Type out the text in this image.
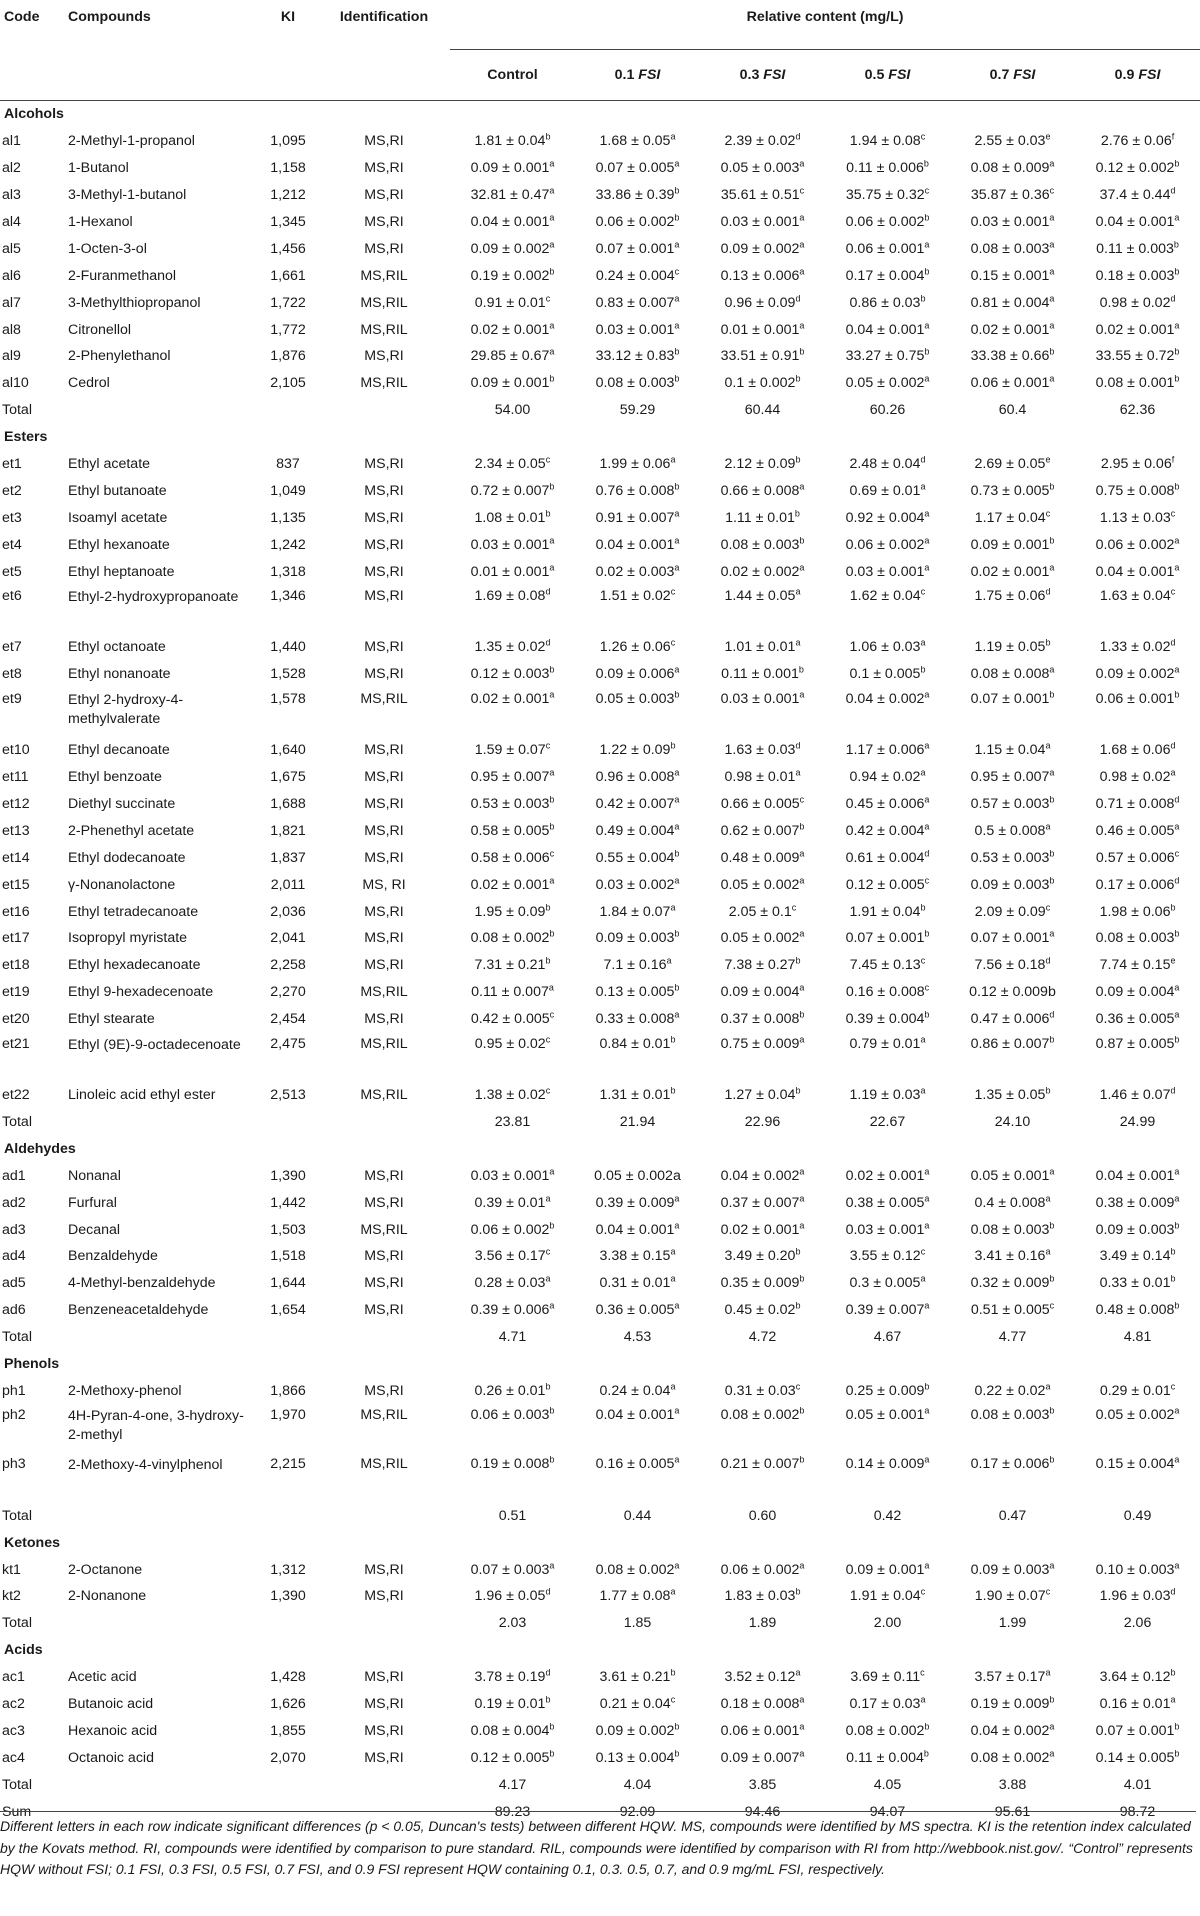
Code	Compounds	KI	Identification	Relative content (mg/L)					
				Control	0.1 FSI	0.3 FSI	0.5 FSI	0.7 FSI	0.9 FSI
Alcohols									
al1	2-Methyl-1-propanol	1,095	MS,RI	1.81 ± 0.04$^b$	1.68 ± 0.05$^a$	2.39 ± 0.02$^d$	1.94 ± 0.08$^c$	2.55 ± 0.03$^e$	2.76 ± 0.06$^f$
al2	1-Butanol	1,158	MS,RI	0.09 ± 0.001$^a$	0.07 ± 0.005$^a$	0.05 ± 0.003$^a$	0.11 ± 0.006$^b$	0.08 ± 0.009$^a$	0.12 ± 0.002$^b$
al3	3-Methyl-1-butanol	1,212	MS,RI	32.81 ± 0.47$^a$	33.86 ± 0.39$^b$	35.61 ± 0.51$^c$	35.75 ± 0.32$^c$	35.87 ± 0.36$^c$	37.4 ± 0.44$^d$
al4	1-Hexanol	1,345	MS,RI	0.04 ± 0.001$^a$	0.06 ± 0.002$^b$	0.03 ± 0.001$^a$	0.06 ± 0.002$^b$	0.03 ± 0.001$^a$	0.04 ± 0.001$^a$
al5	1-Octen-3-ol	1,456	MS,RI	0.09 ± 0.002$^a$	0.07 ± 0.001$^a$	0.09 ± 0.002$^a$	0.06 ± 0.001$^a$	0.08 ± 0.003$^a$	0.11 ± 0.003$^b$
al6	2-Furanmethanol	1,661	MS,RIL	0.19 ± 0.002$^b$	0.24 ± 0.004$^c$	0.13 ± 0.006$^a$	0.17 ± 0.004$^b$	0.15 ± 0.001$^a$	0.18 ± 0.003$^b$
al7	3-Methylthiopropanol	1,722	MS,RIL	0.91 ± 0.01$^c$	0.83 ± 0.007$^a$	0.96 ± 0.09$^d$	0.86 ± 0.03$^b$	0.81 ± 0.004$^a$	0.98 ± 0.02$^d$
al8	Citronellol	1,772	MS,RIL	0.02 ± 0.001$^a$	0.03 ± 0.001$^a$	0.01 ± 0.001$^a$	0.04 ± 0.001$^a$	0.02 ± 0.001$^a$	0.02 ± 0.001$^a$
al9	2-Phenylethanol	1,876	MS,RI	29.85 ± 0.67$^a$	33.12 ± 0.83$^b$	33.51 ± 0.91$^b$	33.27 ± 0.75$^b$	33.38 ± 0.66$^b$	33.55 ± 0.72$^b$
al10	Cedrol	2,105	MS,RIL	0.09 ± 0.001$^b$	0.08 ± 0.003$^b$	0.1 ± 0.002$^b$	0.05 ± 0.002$^a$	0.06 ± 0.001$^a$	0.08 ± 0.001$^b$
Total				54.00	59.29	60.44	60.26	60.4	62.36
Esters									
et1	Ethyl acetate	837	MS,RI	2.34 ± 0.05$^c$	1.99 ± 0.06$^a$	2.12 ± 0.09$^b$	2.48 ± 0.04$^d$	2.69 ± 0.05$^e$	2.95 ± 0.06$^f$
et2	Ethyl butanoate	1,049	MS,RI	0.72 ± 0.007$^b$	0.76 ± 0.008$^b$	0.66 ± 0.008$^a$	0.69 ± 0.01$^a$	0.73 ± 0.005$^b$	0.75 ± 0.008$^b$
et3	Isoamyl acetate	1,135	MS,RI	1.08 ± 0.01$^b$	0.91 ± 0.007$^a$	1.11 ± 0.01$^b$	0.92 ± 0.004$^a$	1.17 ± 0.04$^c$	1.13 ± 0.03$^c$
et4	Ethyl hexanoate	1,242	MS,RI	0.03 ± 0.001$^a$	0.04 ± 0.001$^a$	0.08 ± 0.003$^b$	0.06 ± 0.002$^a$	0.09 ± 0.001$^b$	0.06 ± 0.002$^a$
et5	Ethyl heptanoate	1,318	MS,RI	0.01 ± 0.001$^a$	0.02 ± 0.003$^a$	0.02 ± 0.002$^a$	0.03 ± 0.001$^a$	0.02 ± 0.001$^a$	0.04 ± 0.001$^a$
et6	Ethyl-2-hydroxypropanoate	1,346	MS,RI	1.69 ± 0.08$^d$	1.51 ± 0.02$^c$	1.44 ± 0.05$^a$	1.62 ± 0.04$^c$	1.75 ± 0.06$^d$	1.63 ± 0.04$^c$
et7	Ethyl octanoate	1,440	MS,RI	1.35 ± 0.02$^d$	1.26 ± 0.06$^c$	1.01 ± 0.01$^a$	1.06 ± 0.03$^a$	1.19 ± 0.05$^b$	1.33 ± 0.02$^d$
et8	Ethyl nonanoate	1,528	MS,RI	0.12 ± 0.003$^b$	0.09 ± 0.006$^a$	0.11 ± 0.001$^b$	0.1 ± 0.005$^b$	0.08 ± 0.008$^a$	0.09 ± 0.002$^a$
et9	Ethyl 2-hydroxy-4-methylvalerate	1,578	MS,RIL	0.02 ± 0.001$^a$	0.05 ± 0.003$^b$	0.03 ± 0.001$^a$	0.04 ± 0.002$^a$	0.07 ± 0.001$^b$	0.06 ± 0.001$^b$
et10	Ethyl decanoate	1,640	MS,RI	1.59 ± 0.07$^c$	1.22 ± 0.09$^b$	1.63 ± 0.03$^d$	1.17 ± 0.006$^a$	1.15 ± 0.04$^a$	1.68 ± 0.06$^d$
et11	Ethyl benzoate	1,675	MS,RI	0.95 ± 0.007$^a$	0.96 ± 0.008$^a$	0.98 ± 0.01$^a$	0.94 ± 0.02$^a$	0.95 ± 0.007$^a$	0.98 ± 0.02$^a$
et12	Diethyl succinate	1,688	MS,RI	0.53 ± 0.003$^b$	0.42 ± 0.007$^a$	0.66 ± 0.005$^c$	0.45 ± 0.006$^a$	0.57 ± 0.003$^b$	0.71 ± 0.008$^d$
et13	2-Phenethyl acetate	1,821	MS,RI	0.58 ± 0.005$^b$	0.49 ± 0.004$^a$	0.62 ± 0.007$^b$	0.42 ± 0.004$^a$	0.5 ± 0.008$^a$	0.46 ± 0.005$^a$
et14	Ethyl dodecanoate	1,837	MS,RI	0.58 ± 0.006$^c$	0.55 ± 0.004$^b$	0.48 ± 0.009$^a$	0.61 ± 0.004$^d$	0.53 ± 0.003$^b$	0.57 ± 0.006$^c$
et15	γ-Nonanolactone	2,011	MS, RI	0.02 ± 0.001$^a$	0.03 ± 0.002$^a$	0.05 ± 0.002$^a$	0.12 ± 0.005$^c$	0.09 ± 0.003$^b$	0.17 ± 0.006$^d$
et16	Ethyl tetradecanoate	2,036	MS,RI	1.95 ± 0.09$^b$	1.84 ± 0.07$^a$	2.05 ± 0.1$^c$	1.91 ± 0.04$^b$	2.09 ± 0.09$^c$	1.98 ± 0.06$^b$
et17	Isopropyl myristate	2,041	MS,RI	0.08 ± 0.002$^b$	0.09 ± 0.003$^b$	0.05 ± 0.002$^a$	0.07 ± 0.001$^b$	0.07 ± 0.001$^a$	0.08 ± 0.003$^b$
et18	Ethyl hexadecanoate	2,258	MS,RI	7.31 ± 0.21$^b$	7.1 ± 0.16$^a$	7.38 ± 0.27$^b$	7.45 ± 0.13$^c$	7.56 ± 0.18$^d$	7.74 ± 0.15$^e$
et19	Ethyl 9-hexadecenoate	2,270	MS,RIL	0.11 ± 0.007$^a$	0.13 ± 0.005$^b$	0.09 ± 0.004$^a$	0.16 ± 0.008$^c$	0.12 ± 0.009b	0.09 ± 0.004$^a$
et20	Ethyl stearate	2,454	MS,RI	0.42 ± 0.005$^c$	0.33 ± 0.008$^a$	0.37 ± 0.008$^b$	0.39 ± 0.004$^b$	0.47 ± 0.006$^d$	0.36 ± 0.005$^a$
et21	Ethyl (9E)-9-octadecenoate	2,475	MS,RIL	0.95 ± 0.02$^c$	0.84 ± 0.01$^b$	0.75 ± 0.009$^a$	0.79 ± 0.01$^a$	0.86 ± 0.007$^b$	0.87 ± 0.005$^b$
et22	Linoleic acid ethyl ester	2,513	MS,RIL	1.38 ± 0.02$^c$	1.31 ± 0.01$^b$	1.27 ± 0.04$^b$	1.19 ± 0.03$^a$	1.35 ± 0.05$^b$	1.46 ± 0.07$^d$
Total				23.81	21.94	22.96	22.67	24.10	24.99
Aldehydes									
ad1	Nonanal	1,390	MS,RI	0.03 ± 0.001$^a$	0.05 ± 0.002a	0.04 ± 0.002$^a$	0.02 ± 0.001$^a$	0.05 ± 0.001$^a$	0.04 ± 0.001$^a$
ad2	Furfural	1,442	MS,RI	0.39 ± 0.01$^a$	0.39 ± 0.009$^a$	0.37 ± 0.007$^a$	0.38 ± 0.005$^a$	0.4 ± 0.008$^a$	0.38 ± 0.009$^a$
ad3	Decanal	1,503	MS,RIL	0.06 ± 0.002$^b$	0.04 ± 0.001$^a$	0.02 ± 0.001$^a$	0.03 ± 0.001$^a$	0.08 ± 0.003$^b$	0.09 ± 0.003$^b$
ad4	Benzaldehyde	1,518	MS,RI	3.56 ± 0.17$^c$	3.38 ± 0.15$^a$	3.49 ± 0.20$^b$	3.55 ± 0.12$^c$	3.41 ± 0.16$^a$	3.49 ± 0.14$^b$
ad5	4-Methyl-benzaldehyde	1,644	MS,RI	0.28 ± 0.03$^a$	0.31 ± 0.01$^a$	0.35 ± 0.009$^b$	0.3 ± 0.005$^a$	0.32 ± 0.009$^b$	0.33 ± 0.01$^b$
ad6	Benzeneacetaldehyde	1,654	MS,RI	0.39 ± 0.006$^a$	0.36 ± 0.005$^a$	0.45 ± 0.02$^b$	0.39 ± 0.007$^a$	0.51 ± 0.005$^c$	0.48 ± 0.008$^b$
Total				4.71	4.53	4.72	4.67	4.77	4.81
Phenols									
ph1	2-Methoxy-phenol	1,866	MS,RI	0.26 ± 0.01$^b$	0.24 ± 0.04$^a$	0.31 ± 0.03$^c$	0.25 ± 0.009$^b$	0.22 ± 0.02$^a$	0.29 ± 0.01$^c$
ph2	4H-Pyran-4-one, 3-hydroxy-2-methyl	1,970	MS,RIL	0.06 ± 0.003$^b$	0.04 ± 0.001$^a$	0.08 ± 0.002$^b$	0.05 ± 0.001$^a$	0.08 ± 0.003$^b$	0.05 ± 0.002$^a$
ph3	2-Methoxy-4-vinylphenol	2,215	MS,RIL	0.19 ± 0.008$^b$	0.16 ± 0.005$^a$	0.21 ± 0.007$^b$	0.14 ± 0.009$^a$	0.17 ± 0.006$^b$	0.15 ± 0.004$^a$
Total				0.51	0.44	0.60	0.42	0.47	0.49
Ketones									
kt1	2-Octanone	1,312	MS,RI	0.07 ± 0.003$^a$	0.08 ± 0.002$^a$	0.06 ± 0.002$^a$	0.09 ± 0.001$^a$	0.09 ± 0.003$^a$	0.10 ± 0.003$^a$
kt2	2-Nonanone	1,390	MS,RI	1.96 ± 0.05$^d$	1.77 ± 0.08$^a$	1.83 ± 0.03$^b$	1.91 ± 0.04$^c$	1.90 ± 0.07$^c$	1.96 ± 0.03$^d$
Total				2.03	1.85	1.89	2.00	1.99	2.06
Acids									
ac1	Acetic acid	1,428	MS,RI	3.78 ± 0.19$^d$	3.61 ± 0.21$^b$	3.52 ± 0.12$^a$	3.69 ± 0.11$^c$	3.57 ± 0.17$^a$	3.64 ± 0.12$^b$
ac2	Butanoic acid	1,626	MS,RI	0.19 ± 0.01$^b$	0.21 ± 0.04$^c$	0.18 ± 0.008$^a$	0.17 ± 0.03$^a$	0.19 ± 0.009$^b$	0.16 ± 0.01$^a$
ac3	Hexanoic acid	1,855	MS,RI	0.08 ± 0.004$^b$	0.09 ± 0.002$^b$	0.06 ± 0.001$^a$	0.08 ± 0.002$^b$	0.04 ± 0.002$^a$	0.07 ± 0.001$^b$
ac4	Octanoic acid	2,070	MS,RI	0.12 ± 0.005$^b$	0.13 ± 0.004$^b$	0.09 ± 0.007$^a$	0.11 ± 0.004$^b$	0.08 ± 0.002$^a$	0.14 ± 0.005$^b$
Total				4.17	4.04	3.85	4.05	3.88	4.01
Sum				89.23	92.09	94.46	94.07	95.61	98.72
Different letters in each row indicate significant differences (p < 0.05, Duncan's tests) between different HQW. MS, compounds were identified by MS spectra. KI is the retention index calculated by the Kovats method. RI, compounds were identified by comparison to pure standard. RIL, compounds were identified by comparison with RI from http://webbook.nist.gov/. “Control” represents HQW without FSI; 0.1 FSI, 0.3 FSI, 0.5 FSI, 0.7 FSI, and 0.9 FSI represent HQW containing 0.1, 0.3. 0.5, 0.7, and 0.9 mg/mL FSI, respectively.
